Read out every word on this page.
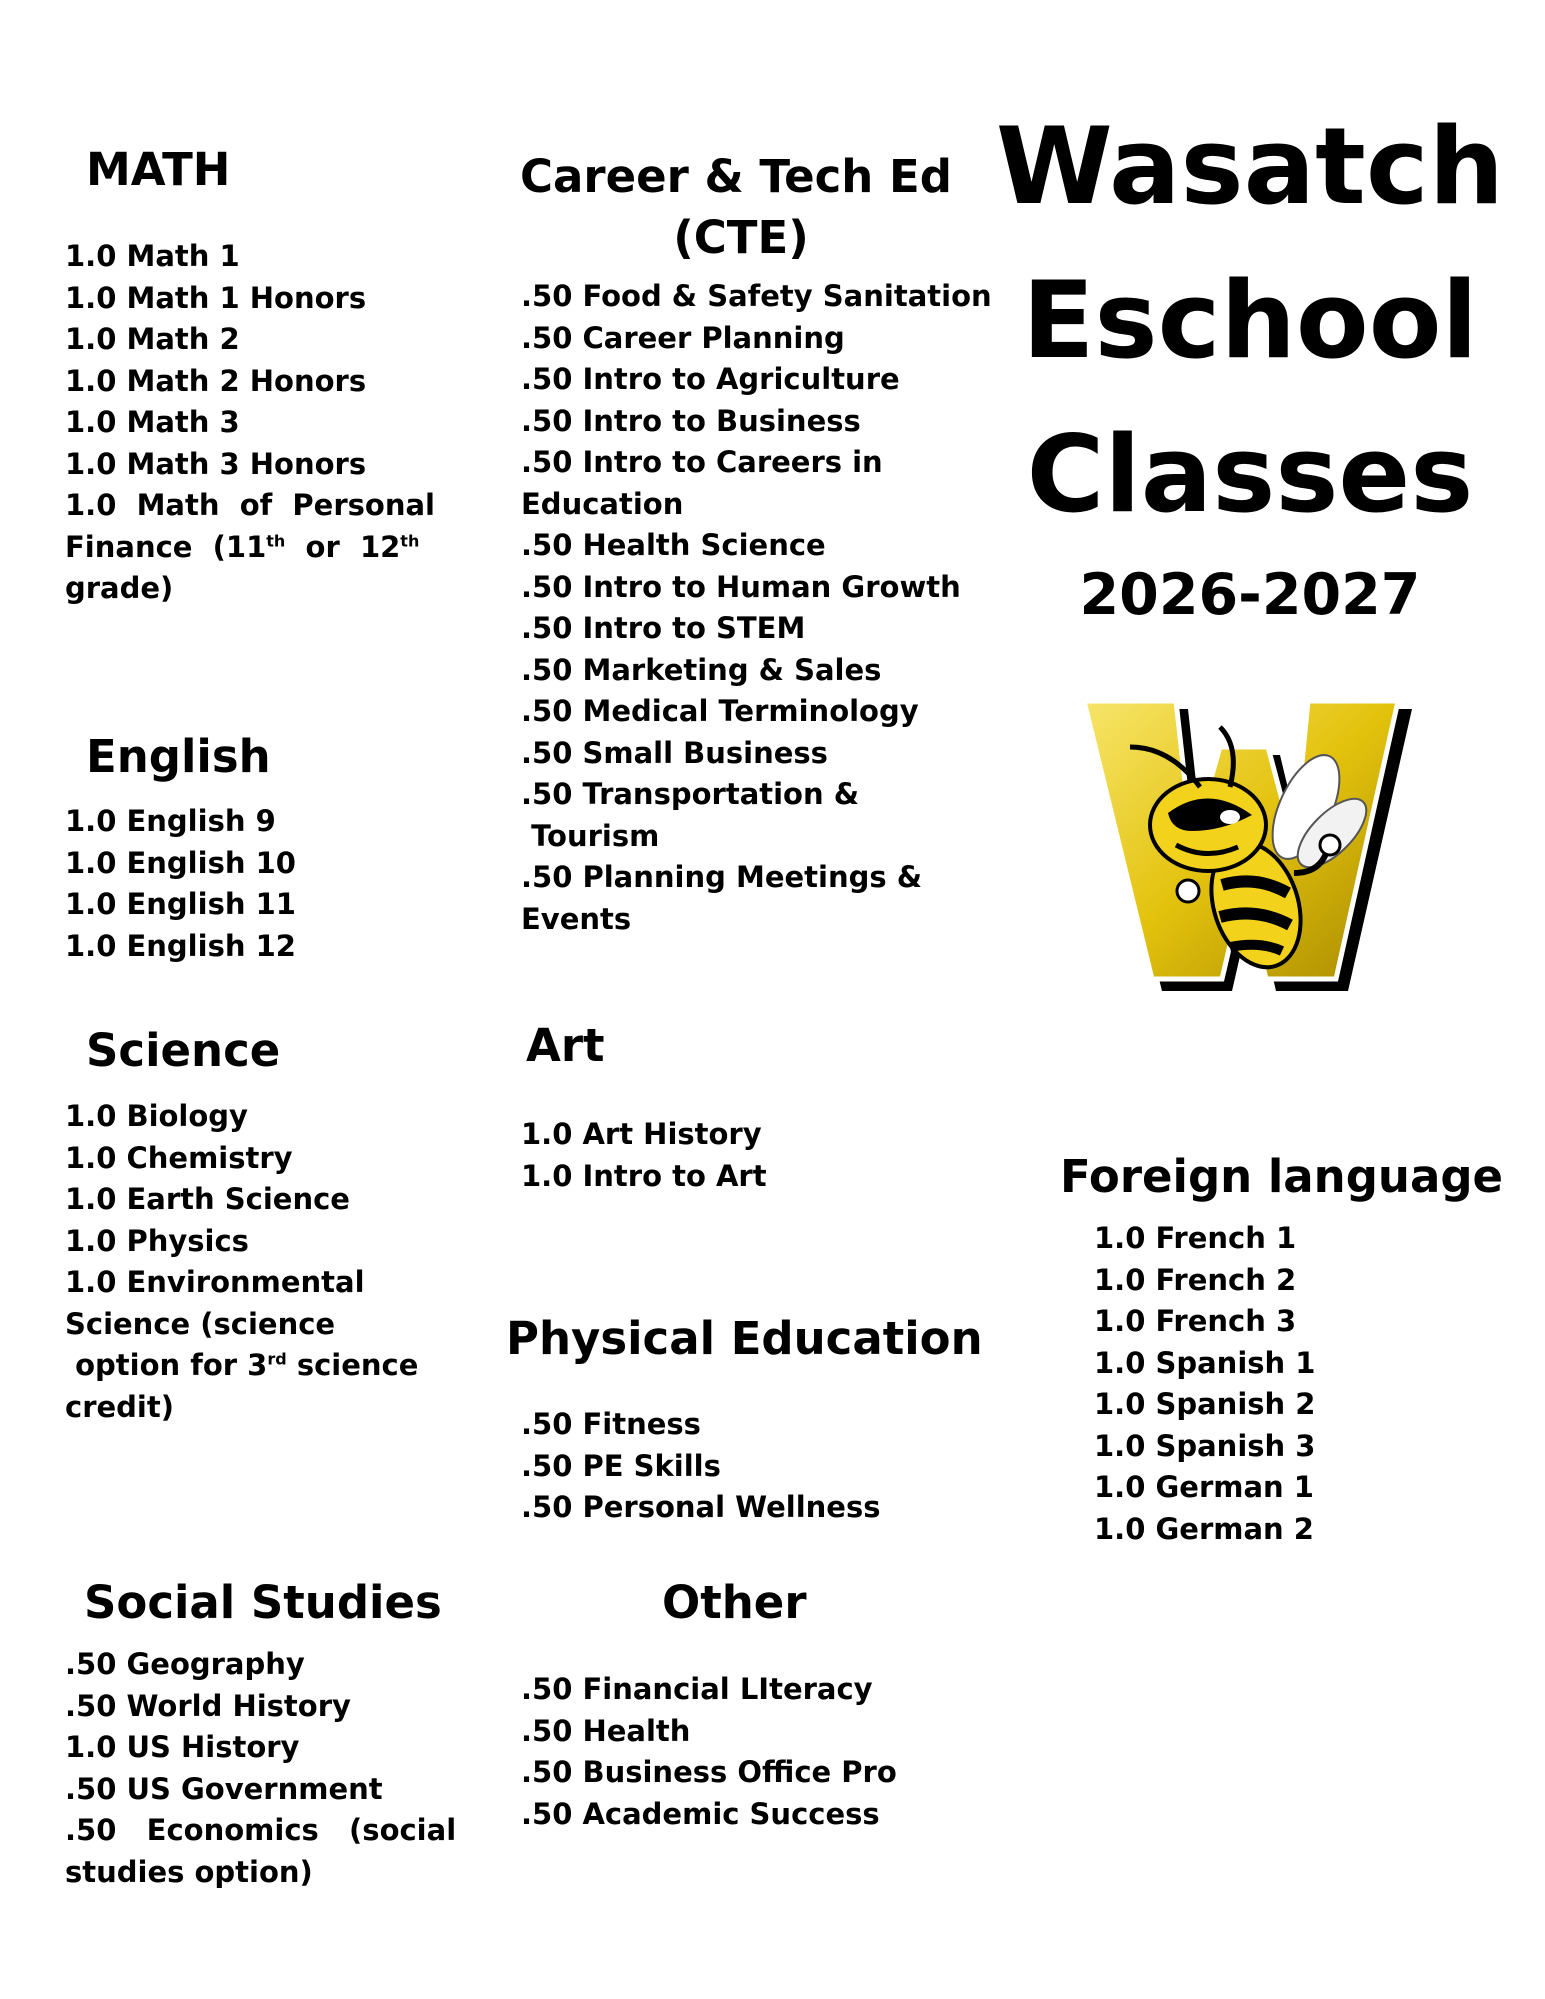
MATH
1.0 Math 1
1.0 Math 1 Honors
1.0 Math 2
1.0 Math 2 Honors
1.0 Math 3
1.0 Math 3 Honors
1.0  Math  of  Personal
Finance  (11th  or  12th
grade)
English
1.0 English 9
1.0 English 10
1.0 English 11
1.0 English 12
Science
1.0 Biology
1.0 Chemistry
1.0 Earth Science
1.0 Physics
1.0 Environmental
Science (science
option for 3rd science
credit)
Social Studies
.50 Geography
.50 World History
1.0 US History
.50 US Government
.50   Economics   (social
studies option)
Career & Tech Ed
(CTE)
.50 Food & Safety Sanitation
.50 Career Planning
.50 Intro to Agriculture
.50 Intro to Business
.50 Intro to Careers in
Education
.50 Health Science
.50 Intro to Human Growth
.50 Intro to STEM
.50 Marketing & Sales
.50 Medical Terminology
.50 Small Business
.50 Transportation &
Tourism
.50 Planning Meetings &
Events
Art
1.0 Art History
1.0 Intro to Art
Physical Education
.50 Fitness
.50 PE Skills
.50 Personal Wellness
Other
.50 Financial LIteracy
.50 Health
.50 Business Office Pro
.50 Academic Success
Wasatch
Eschool
Classes
2026-2027
Foreign language
1.0 French 1
1.0 French 2
1.0 French 3
1.0 Spanish 1
1.0 Spanish 2
1.0 Spanish 3
1.0 German 1
1.0 German 2
